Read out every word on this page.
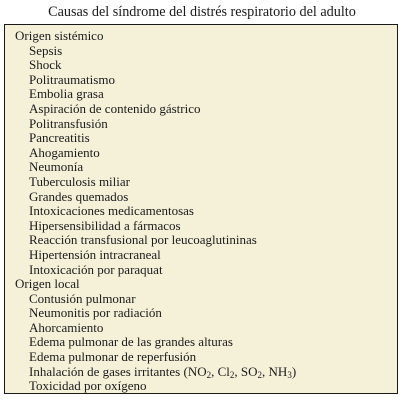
Causas del síndrome del distrés respiratorio del adulto
Origen sistémico
Sepsis
Shock
Politraumatismo
Embolia grasa
Aspiración de contenido gástrico
Politransfusión
Pancreatitis
Ahogamiento
Neumonía
Tuberculosis miliar
Grandes quemados
Intoxicaciones medicamentosas
Hipersensibilidad a fármacos
Reacción transfusional por leucoaglutininas
Hipertensión intracraneal
Intoxicación por paraquat
Origen local
Contusión pulmonar
Neumonitis por radiación
Ahorcamiento
Edema pulmonar de las grandes alturas
Edema pulmonar de reperfusión
Inhalación de gases irritantes ($NO_2$, $Cl_2$, $SO_2$, $NH_3$)
Toxicidad por oxígeno
